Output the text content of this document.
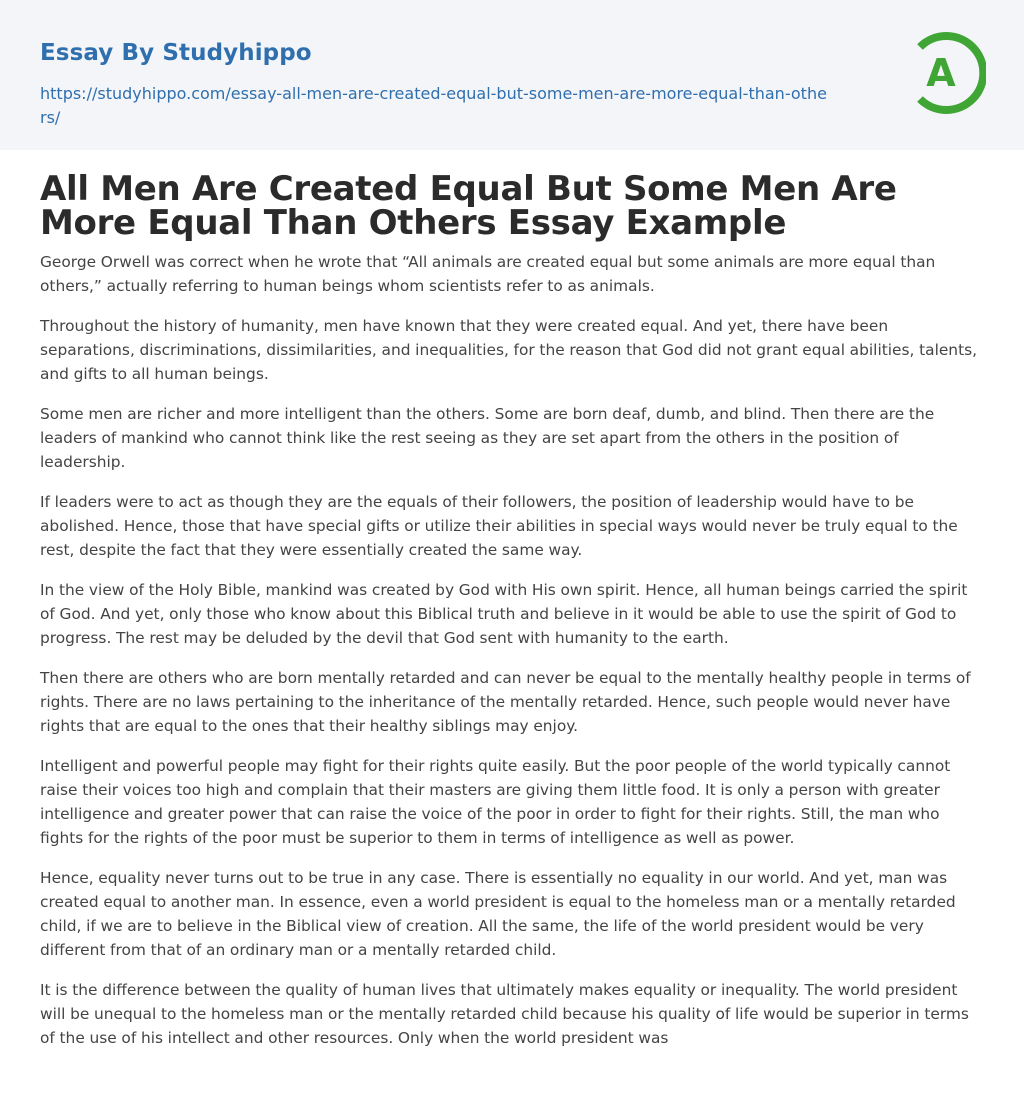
Essay By Studyhippo
https://studyhippo.com/essay-all-men-are-created-equal-but-some-men-are-more-equal-than-others/
A
All Men Are Created Equal But Some Men Are More Equal Than Others Essay Example

George Orwell was correct when he wrote that “All animals are created equal but some animals are more equal than others,” actually referring to human beings whom scientists refer to as animals.

Throughout the history of humanity, men have known that they were created equal. And yet, there have been separations, discriminations, dissimilarities, and inequalities, for the reason that God did not grant equal abilities, talents, and gifts to all human beings.

Some men are richer and more intelligent than the others. Some are born deaf, dumb, and blind. Then there are the leaders of mankind who cannot think like the rest seeing as they are set apart from the others in the position of leadership.

If leaders were to act as though they are the equals of their followers, the position of leadership would have to be abolished. Hence, those that have special gifts or utilize their abilities in special ways would never be truly equal to the rest, despite the fact that they were essentially created the same way.

In the view of the Holy Bible, mankind was created by God with His own spirit. Hence, all human beings carried the spirit of God. And yet, only those who know about this Biblical truth and believe in it would be able to use the spirit of God to progress. The rest may be deluded by the devil that God sent with humanity to the earth.

Then there are others who are born mentally retarded and can never be equal to the mentally healthy people in terms of rights. There are no laws pertaining to the inheritance of the mentally retarded. Hence, such people would never have rights that are equal to the ones that their healthy siblings may enjoy.

Intelligent and powerful people may fight for their rights quite easily. But the poor people of the world typically cannot raise their voices too high and complain that their masters are giving them little food. It is only a person with greater intelligence and greater power that can raise the voice of the poor in order to fight for their rights. Still, the man who fights for the rights of the poor must be superior to them in terms of intelligence as well as power.

Hence, equality never turns out to be true in any case. There is essentially no equality in our world. And yet, man was created equal to another man. In essence, even a world president is equal to the homeless man or a mentally retarded child, if we are to believe in the Biblical view of creation. All the same, the life of the world president would be very different from that of an ordinary man or a mentally retarded child.

It is the difference between the quality of human lives that ultimately makes equality or inequality. The world president will be unequal to the homeless man or the mentally retarded child because his quality of life would be superior in terms of the use of his intellect and other resources. Only when the world president was
